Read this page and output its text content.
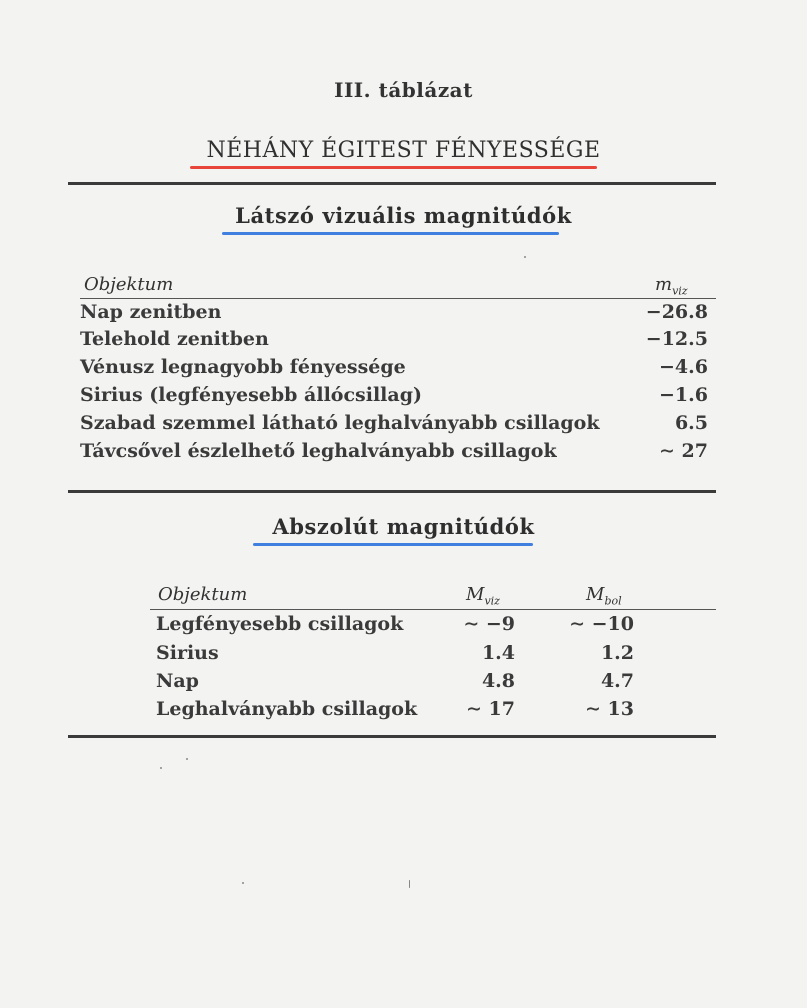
III. táblázat
NÉHÁNY ÉGITEST FÉNYESSÉGE
Látszó vizuális magnitúdók
Objektum	$m_{viz}$
Nap zenitben	−26.8
Telehold zenitben	−12.5
Vénusz legnagyobb fényessége	−4.6
Sirius (legfényesebb állócsillag)	−1.6
Szabad szemmel látható leghalványabb csillagok	6.5
Távcsővel észlelhető leghalványabb csillagok	∼ 27
Abszolút magnitúdók
Objektum	$M_{viz}$	$M_{bol}$
Legfényesebb csillagok	∼ −9	∼ −10
Sirius	1.4	1.2
Nap	4.8	4.7
Leghalványabb csillagok	∼ 17	∼ 13
